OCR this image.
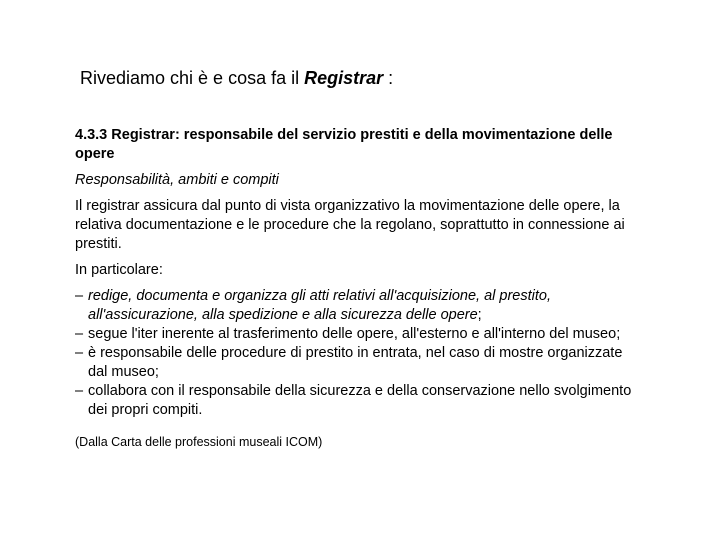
Rivediamo chi è e cosa fa il Registrar :

4.3.3 Registrar: responsabile del servizio prestiti e della movimentazione delle opere

Responsabilità, ambiti e compiti

Il registrar assicura dal punto di vista organizzativo la movimentazione delle opere, la relativa documentazione e le procedure che la regolano, soprattutto in connessione ai prestiti.

In particolare:

– redige, documenta e organizza gli atti relativi all'acquisizione, al prestito, all'assicurazione, alla spedizione e alla sicurezza delle opere;
– segue l'iter inerente al trasferimento delle opere, all'esterno e all'interno del museo;
– è responsabile delle procedure di prestito in entrata, nel caso di mostre organizzate dal museo;
– collabora con il responsabile della sicurezza e della conservazione nello svolgimento dei propri compiti.

(Dalla Carta delle professioni museali ICOM)
